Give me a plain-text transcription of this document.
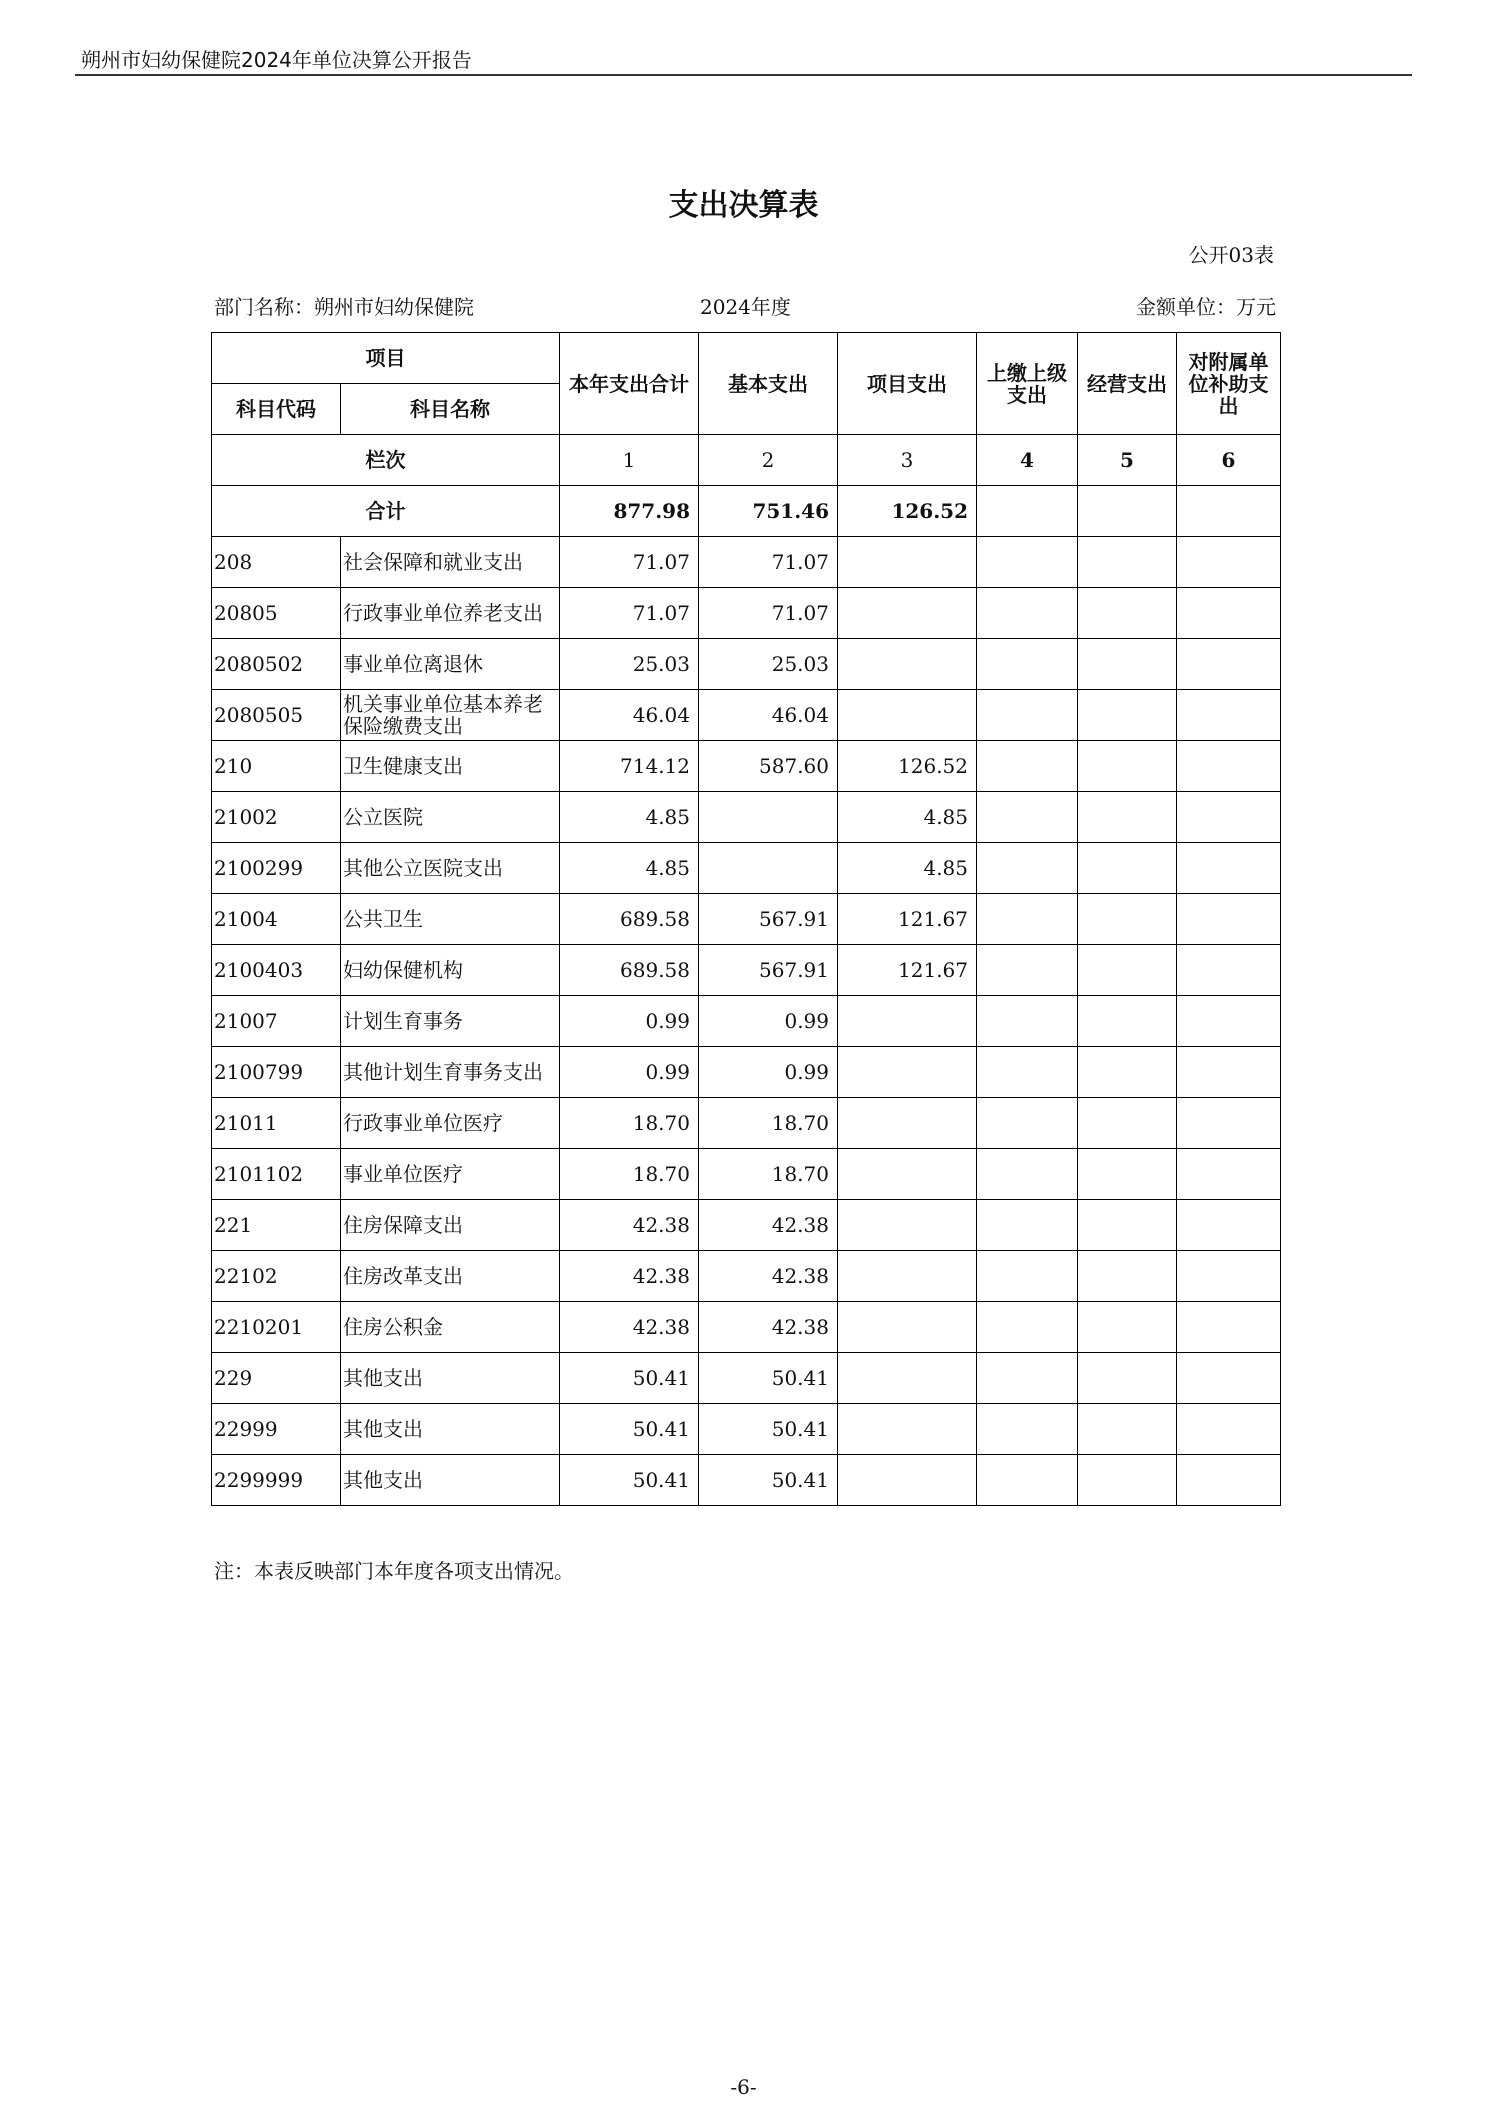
朔州市妇幼保健院2024年单位决算公开报告
支出决算表
公开03表
部门名称：朔州市妇幼保健院	2024年度	金额单位：万元
项目		本年支出合计	基本支出	项目支出	上缴上级支出	经营支出	对附属单位补助支出
科目代码	科目名称						
栏次		1	2	3	4	5	6
合计		877.98	751.46	126.52			
208	社会保障和就业支出	71.07	71.07				
20805	行政事业单位养老支出	71.07	71.07				
2080502	事业单位离退休	25.03	25.03				
2080505	机关事业单位基本养老保险缴费支出	46.04	46.04				
210	卫生健康支出	714.12	587.60	126.52			
21002	公立医院	4.85		4.85			
2100299	其他公立医院支出	4.85		4.85			
21004	公共卫生	689.58	567.91	121.67			
2100403	妇幼保健机构	689.58	567.91	121.67			
21007	计划生育事务	0.99	0.99				
2100799	其他计划生育事务支出	0.99	0.99				
21011	行政事业单位医疗	18.70	18.70				
2101102	事业单位医疗	18.70	18.70				
221	住房保障支出	42.38	42.38				
22102	住房改革支出	42.38	42.38				
2210201	住房公积金	42.38	42.38				
229	其他支出	50.41	50.41				
22999	其他支出	50.41	50.41				
2299999	其他支出	50.41	50.41				
注：本表反映部门本年度各项支出情况。
-6-
